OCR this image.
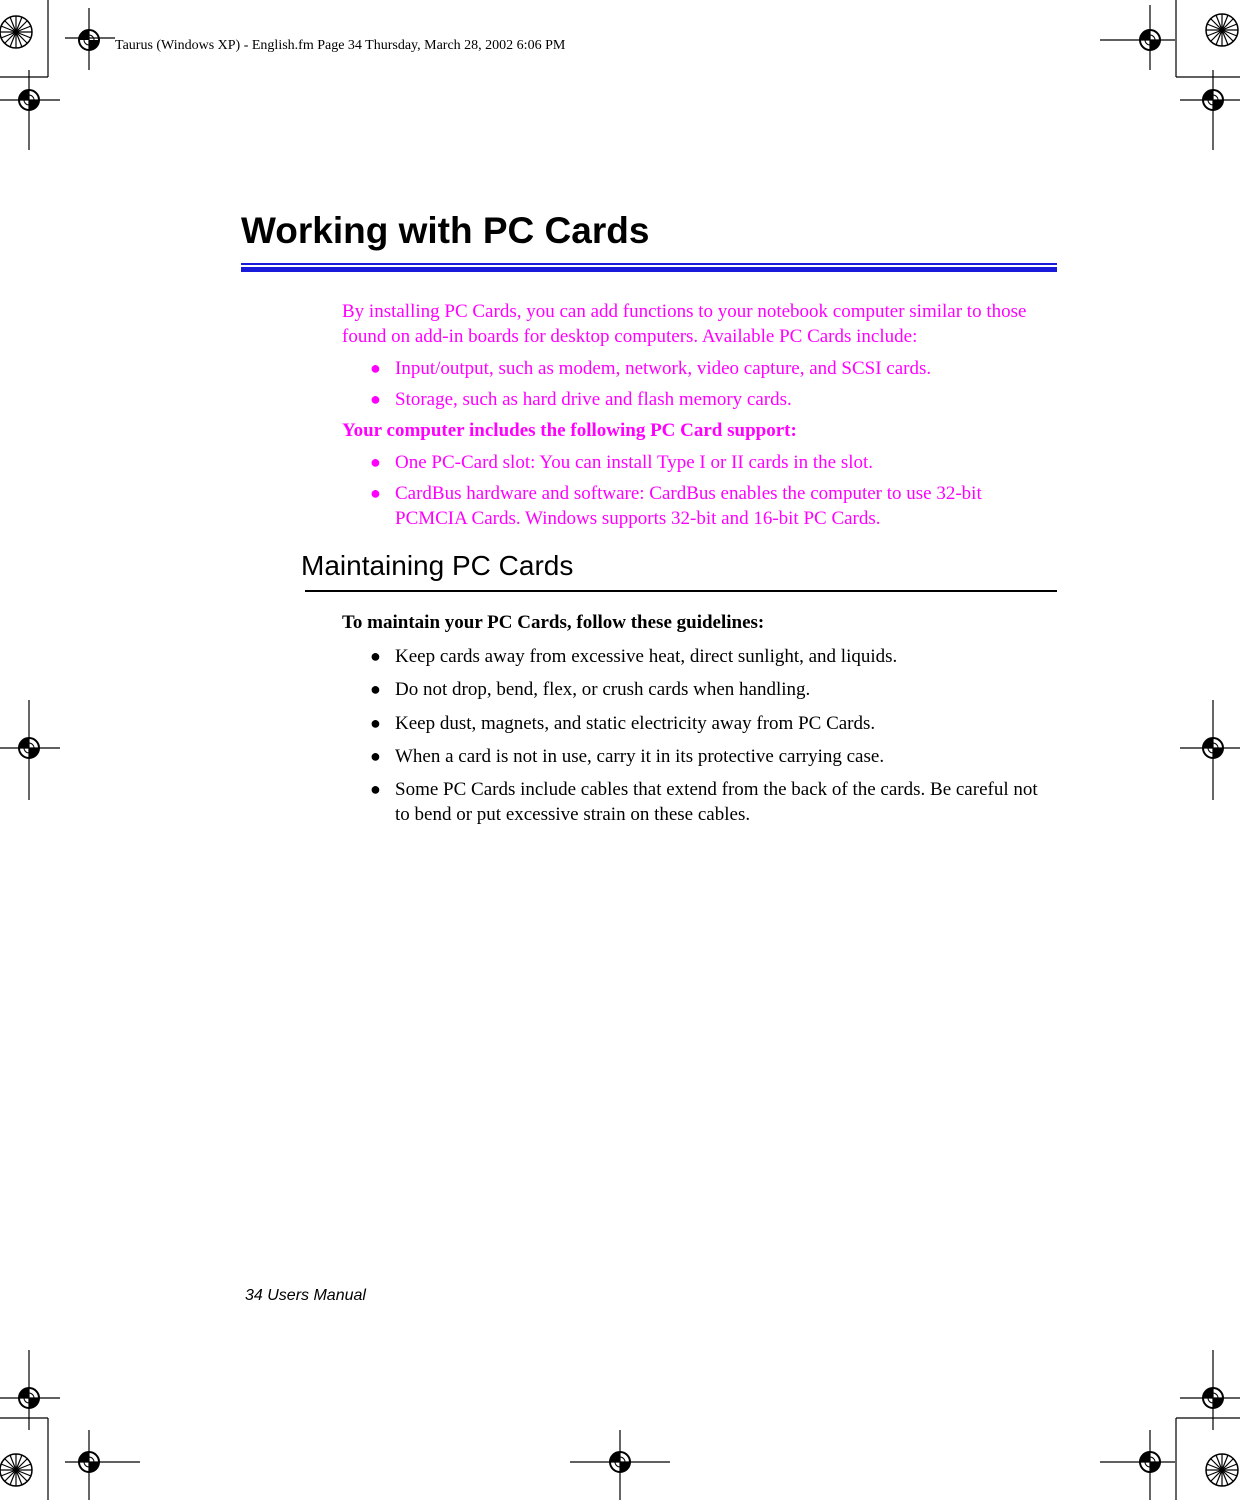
Taurus (Windows XP) - English.fm Page 34 Thursday, March 28, 2002 6:06 PM
Working with PC Cards
By installing PC Cards, you can add functions to your notebook computer similar to those found on add-in boards for desktop computers. Available PC Cards include:
● Input/output, such as modem, network, video capture, and SCSI cards.
● Storage, such as hard drive and flash memory cards.
Your computer includes the following PC Card support:
● One PC-Card slot: You can install Type I or II cards in the slot.
● CardBus hardware and software: CardBus enables the computer to use 32-bit PCMCIA Cards. Windows supports 32-bit and 16-bit PC Cards.
Maintaining PC Cards
To maintain your PC Cards, follow these guidelines:
● Keep cards away from excessive heat, direct sunlight, and liquids.
● Do not drop, bend, flex, or crush cards when handling.
● Keep dust, magnets, and static electricity away from PC Cards.
● When a card is not in use, carry it in its protective carrying case.
● Some PC Cards include cables that extend from the back of the cards. Be careful not to bend or put excessive strain on these cables.
34 Users Manual
